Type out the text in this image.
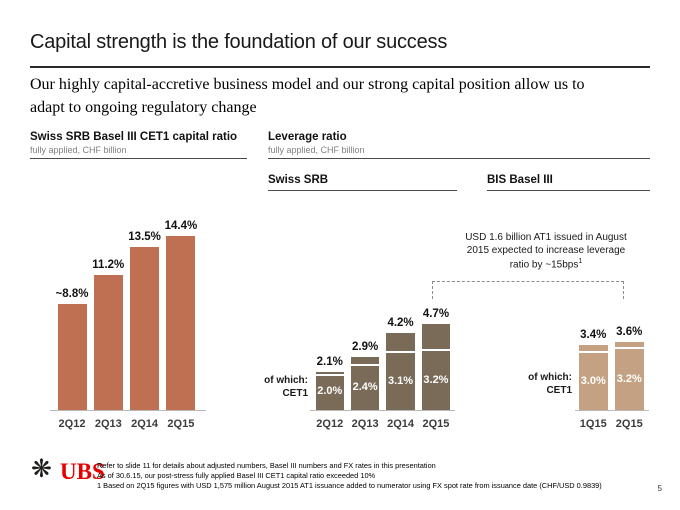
Capital strength is the foundation of our success
Our highly capital-accretive business model and our strong capital position allow us to
adapt to ongoing regulatory change
Swiss SRB Basel III CET1 capital ratio
fully applied, CHF billion
Leverage ratio
fully applied, CHF billion
Swiss SRB	BIS Basel III
USD 1.6 billion AT1 issued in August
2015 expected to increase leverage
ratio by ~15bps$^1$
of which:
CET1
of which:
CET1
~8.8%
2Q12
11.2%
2Q13
13.5%
2Q14
14.4%
2Q15
2.1%
2.0%
2Q12
2.9%
2.4%
2Q13
4.2%
3.1%
2Q14
4.7%
3.2%
2Q15
3.4%
3.0%
1Q15
3.6%
3.2%
2Q15
❋ UBS
Refer to slide 11 for details about adjusted numbers, Basel III numbers and FX rates in this presentation
As of 30.6.15, our post-stress fully applied Basel III CET1 capital ratio exceeded 10%
1 Based on 2Q15 figures with USD 1,575 million August 2015 AT1 issuance added to numerator using FX spot rate from issuance date (CHF/USD 0.9839)	5
